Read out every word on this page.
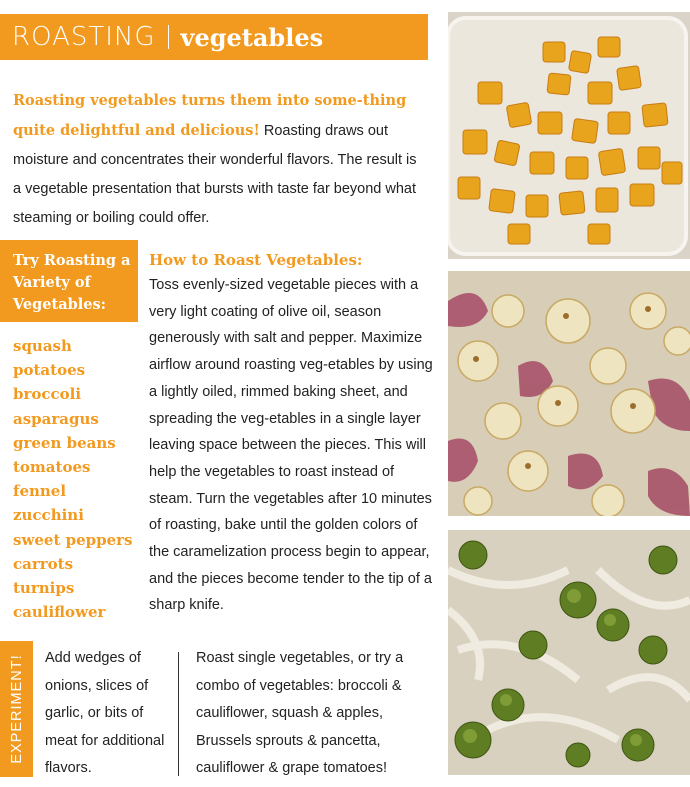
ROASTING vegetables
Roasting vegetables turns them into some-thing quite delightful and delicious! Roasting draws out moisture and concentrates their wonderful flavors. The result is a vegetable presentation that bursts with taste far beyond what steaming or boiling could offer.
Try Roasting a Variety of Vegetables:
squash
potatoes
broccoli
asparagus
green beans
tomatoes
fennel
zucchini
sweet peppers
carrots
turnips
cauliflower
How to Roast Vegetables:
Toss evenly-sized vegetable pieces with a very light coating of olive oil, season generously with salt and pepper. Maximize airflow around roasting veg-etables by using a lightly oiled, rimmed baking sheet, and spreading the veg-etables in a single layer leaving space between the pieces. This will help the vegetables to roast instead of steam. Turn the vegetables after 10 minutes of roasting, bake until the golden colors of the caramelization process begin to appear, and the pieces become tender to the tip of a sharp knife.
EXPERIMENT! Add wedges of onions, slices of garlic, or bits of meat for additional flavors.
Roast single vegetables, or try a combo of vegetables: broccoli & cauliflower, squash & apples, Brussels sprouts & pancetta, cauliflower & grape tomatoes!
